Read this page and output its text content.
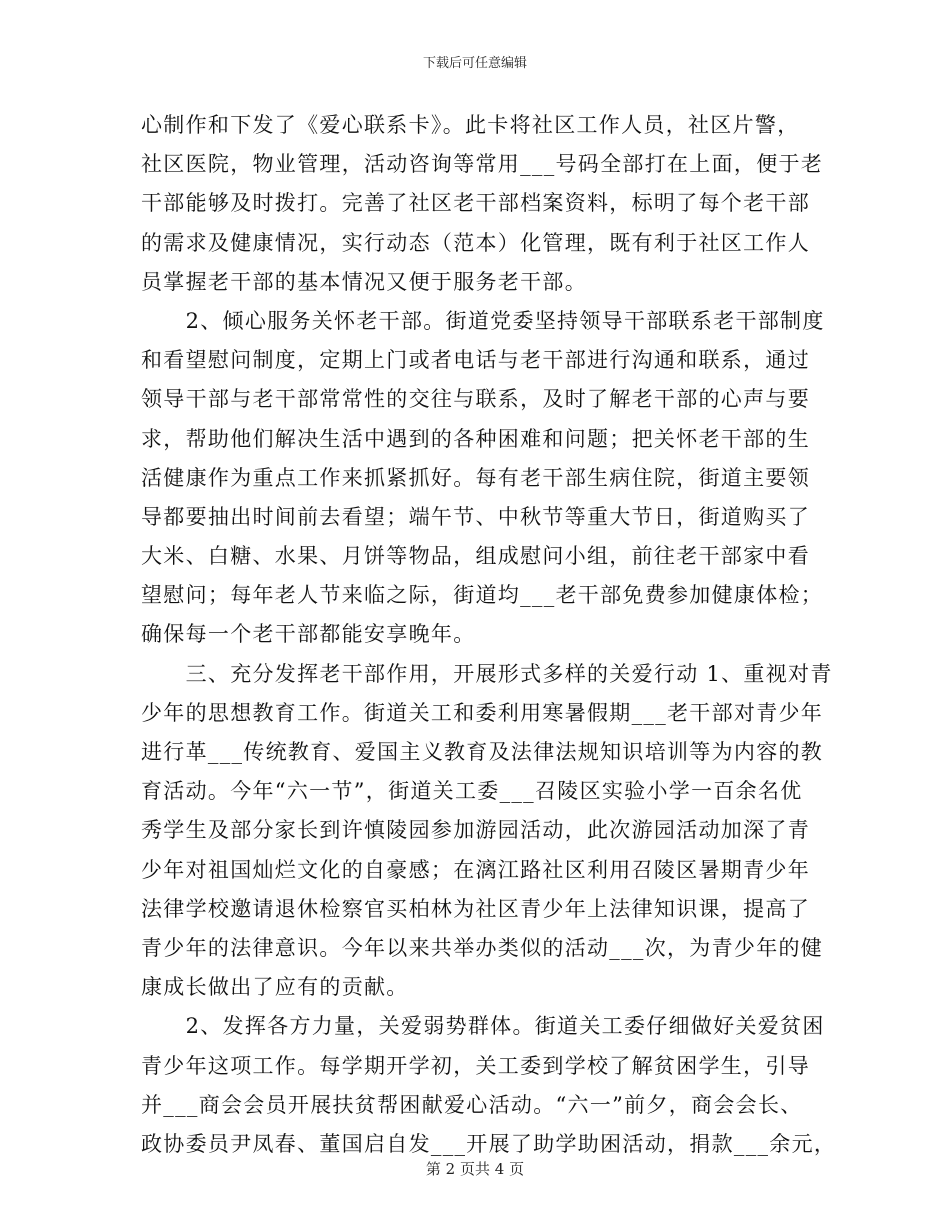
下载后可任意编辑
心制作和下发了《爱心联系卡》。此卡将社区工作人员，社区片警，
社区医院，物业管理，活动咨询等常用___号码全部打在上面，便于老
干部能够及时拨打。完善了社区老干部档案资料，标明了每个老干部
的需求及健康情况，实行动态（范本）化管理，既有利于社区工作人
员掌握老干部的基本情况又便于服务老干部。
　　2、倾心服务关怀老干部。街道党委坚持领导干部联系老干部制度
和看望慰问制度，定期上门或者电话与老干部进行沟通和联系，通过
领导干部与老干部常常性的交往与联系，及时了解老干部的心声与要
求，帮助他们解决生活中遇到的各种困难和问题；把关怀老干部的生
活健康作为重点工作来抓紧抓好。每有老干部生病住院，街道主要领
导都要抽出时间前去看望；端午节、中秋节等重大节日，街道购买了
大米、白糖、水果、月饼等物品，组成慰问小组，前往老干部家中看
望慰问；每年老人节来临之际，街道均___老干部免费参加健康体检；
确保每一个老干部都能安享晚年。
　　三、充分发挥老干部作用，开展形式多样的关爱行动 1、重视对青
少年的思想教育工作。街道关工和委利用寒暑假期___老干部对青少年
进行革___传统教育、爱国主义教育及法律法规知识培训等为内容的教
育活动。今年“六一节”，街道关工委___召陵区实验小学一百余名优
秀学生及部分家长到许慎陵园参加游园活动，此次游园活动加深了青
少年对祖国灿烂文化的自豪感；在漓江路社区利用召陵区暑期青少年
法律学校邀请退休检察官买柏林为社区青少年上法律知识课，提高了
青少年的法律意识。今年以来共举办类似的活动___次，为青少年的健
康成长做出了应有的贡献。
　　2、发挥各方力量，关爱弱势群体。街道关工委仔细做好关爱贫困
青少年这项工作。每学期开学初，关工委到学校了解贫困学生，引导
并___商会会员开展扶贫帮困献爱心活动。“六一”前夕，商会会长、
政协委员尹凤春、董国启自发___开展了助学助困活动，捐款___余元，
第 2 页共 4 页
